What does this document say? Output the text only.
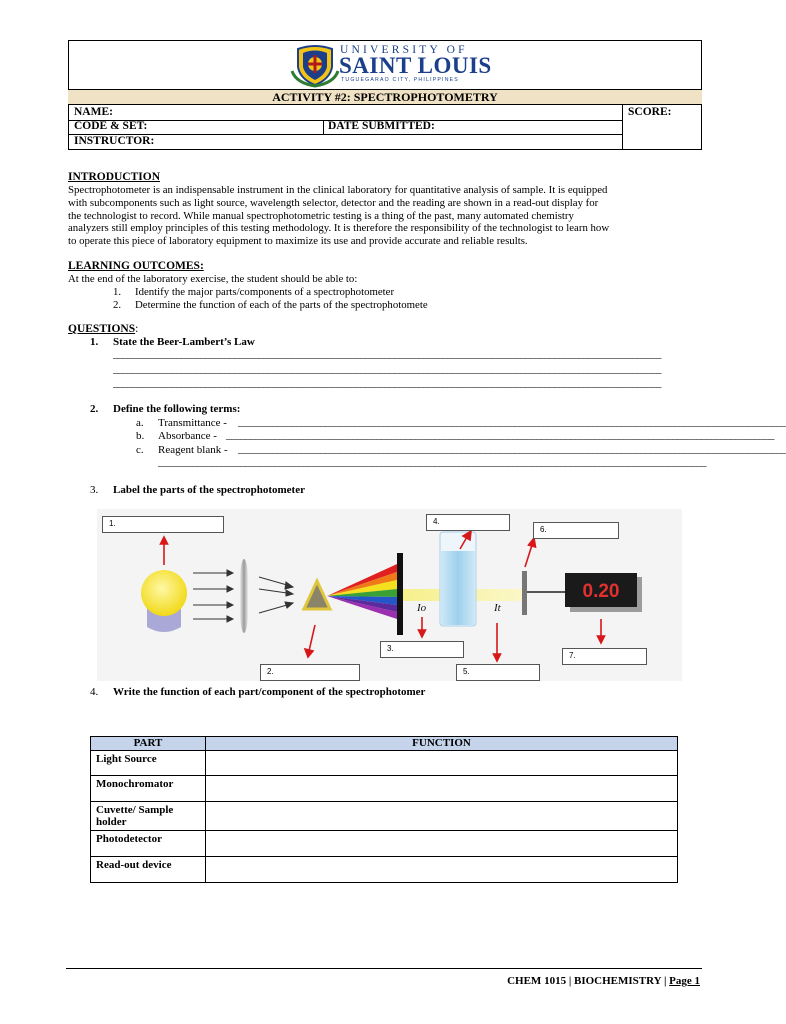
UNIVERSITY OF
SAINT LOUIS
TUGUEGARAO CITY, PHILIPPINES
ACTIVITY #2: SPECTROPHOTOMETRY
NAME:	SCORE:
CODE & SET:	DATE SUBMITTED:
INSTRUCTOR:
INTRODUCTION
Spectrophotometer is an indispensable instrument in the clinical laboratory for quantitative analysis of sample. It is equipped
with subcomponents such as light source, wavelength selector, detector and the reading are shown in a read-out display for
the technologist to record. While manual spectrophotometric testing is a thing of the past, many automated chemistry
analyzers still employ principles of this testing methodology. It is therefore the responsibility of the technologist to learn how
to operate this piece of laboratory equipment to maximize its use and provide accurate and reliable results.
LEARNING OUTCOMES:
At the end of the laboratory exercise, the student should be able to:
1. Identify the major parts/components of a spectrophotometer
2. Determine the function of each of the parts of the spectrophotomete
QUESTIONS:
1. State the Beer-Lambert’s Law
_________________________________________________________________________________________________________________
_________________________________________________________________________________________________________________
_________________________________________________________________________________________________________________
2. Define the following terms:
a. Transmittance - _________________________________________________________________________________________________________________
b. Absorbance - _________________________________________________________________________________________________________________
c. Reagent blank - _________________________________________________________________________________________________________________
_________________________________________________________________________________________________________________
3. Label the parts of the spectrophotometer
0.20
Io	It
1.
2.
3.
4.
5.
6.
7.
4. Write the function of each part/component of the spectrophotomer
PART	FUNCTION
Light Source	
Monochromator	
Cuvette/ Sample holder	
Photodetector	
Read-out device	
CHEM 1015 | BIOCHEMISTRY | Page 1
